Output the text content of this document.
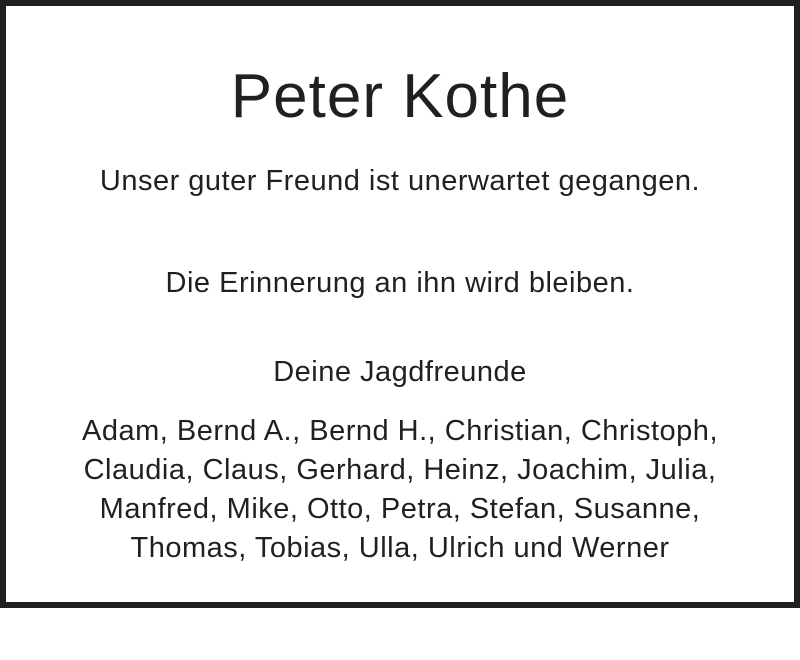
Peter Kothe

Unser guter Freund ist unerwartet gegangen.

Die Erinnerung an ihn wird bleiben.

Deine Jagdfreunde

Adam, Bernd A., Bernd H., Christian, Christoph,
Claudia, Claus, Gerhard, Heinz, Joachim, Julia,
Manfred, Mike, Otto, Petra, Stefan, Susanne,
Thomas, Tobias, Ulla, Ulrich und Werner
